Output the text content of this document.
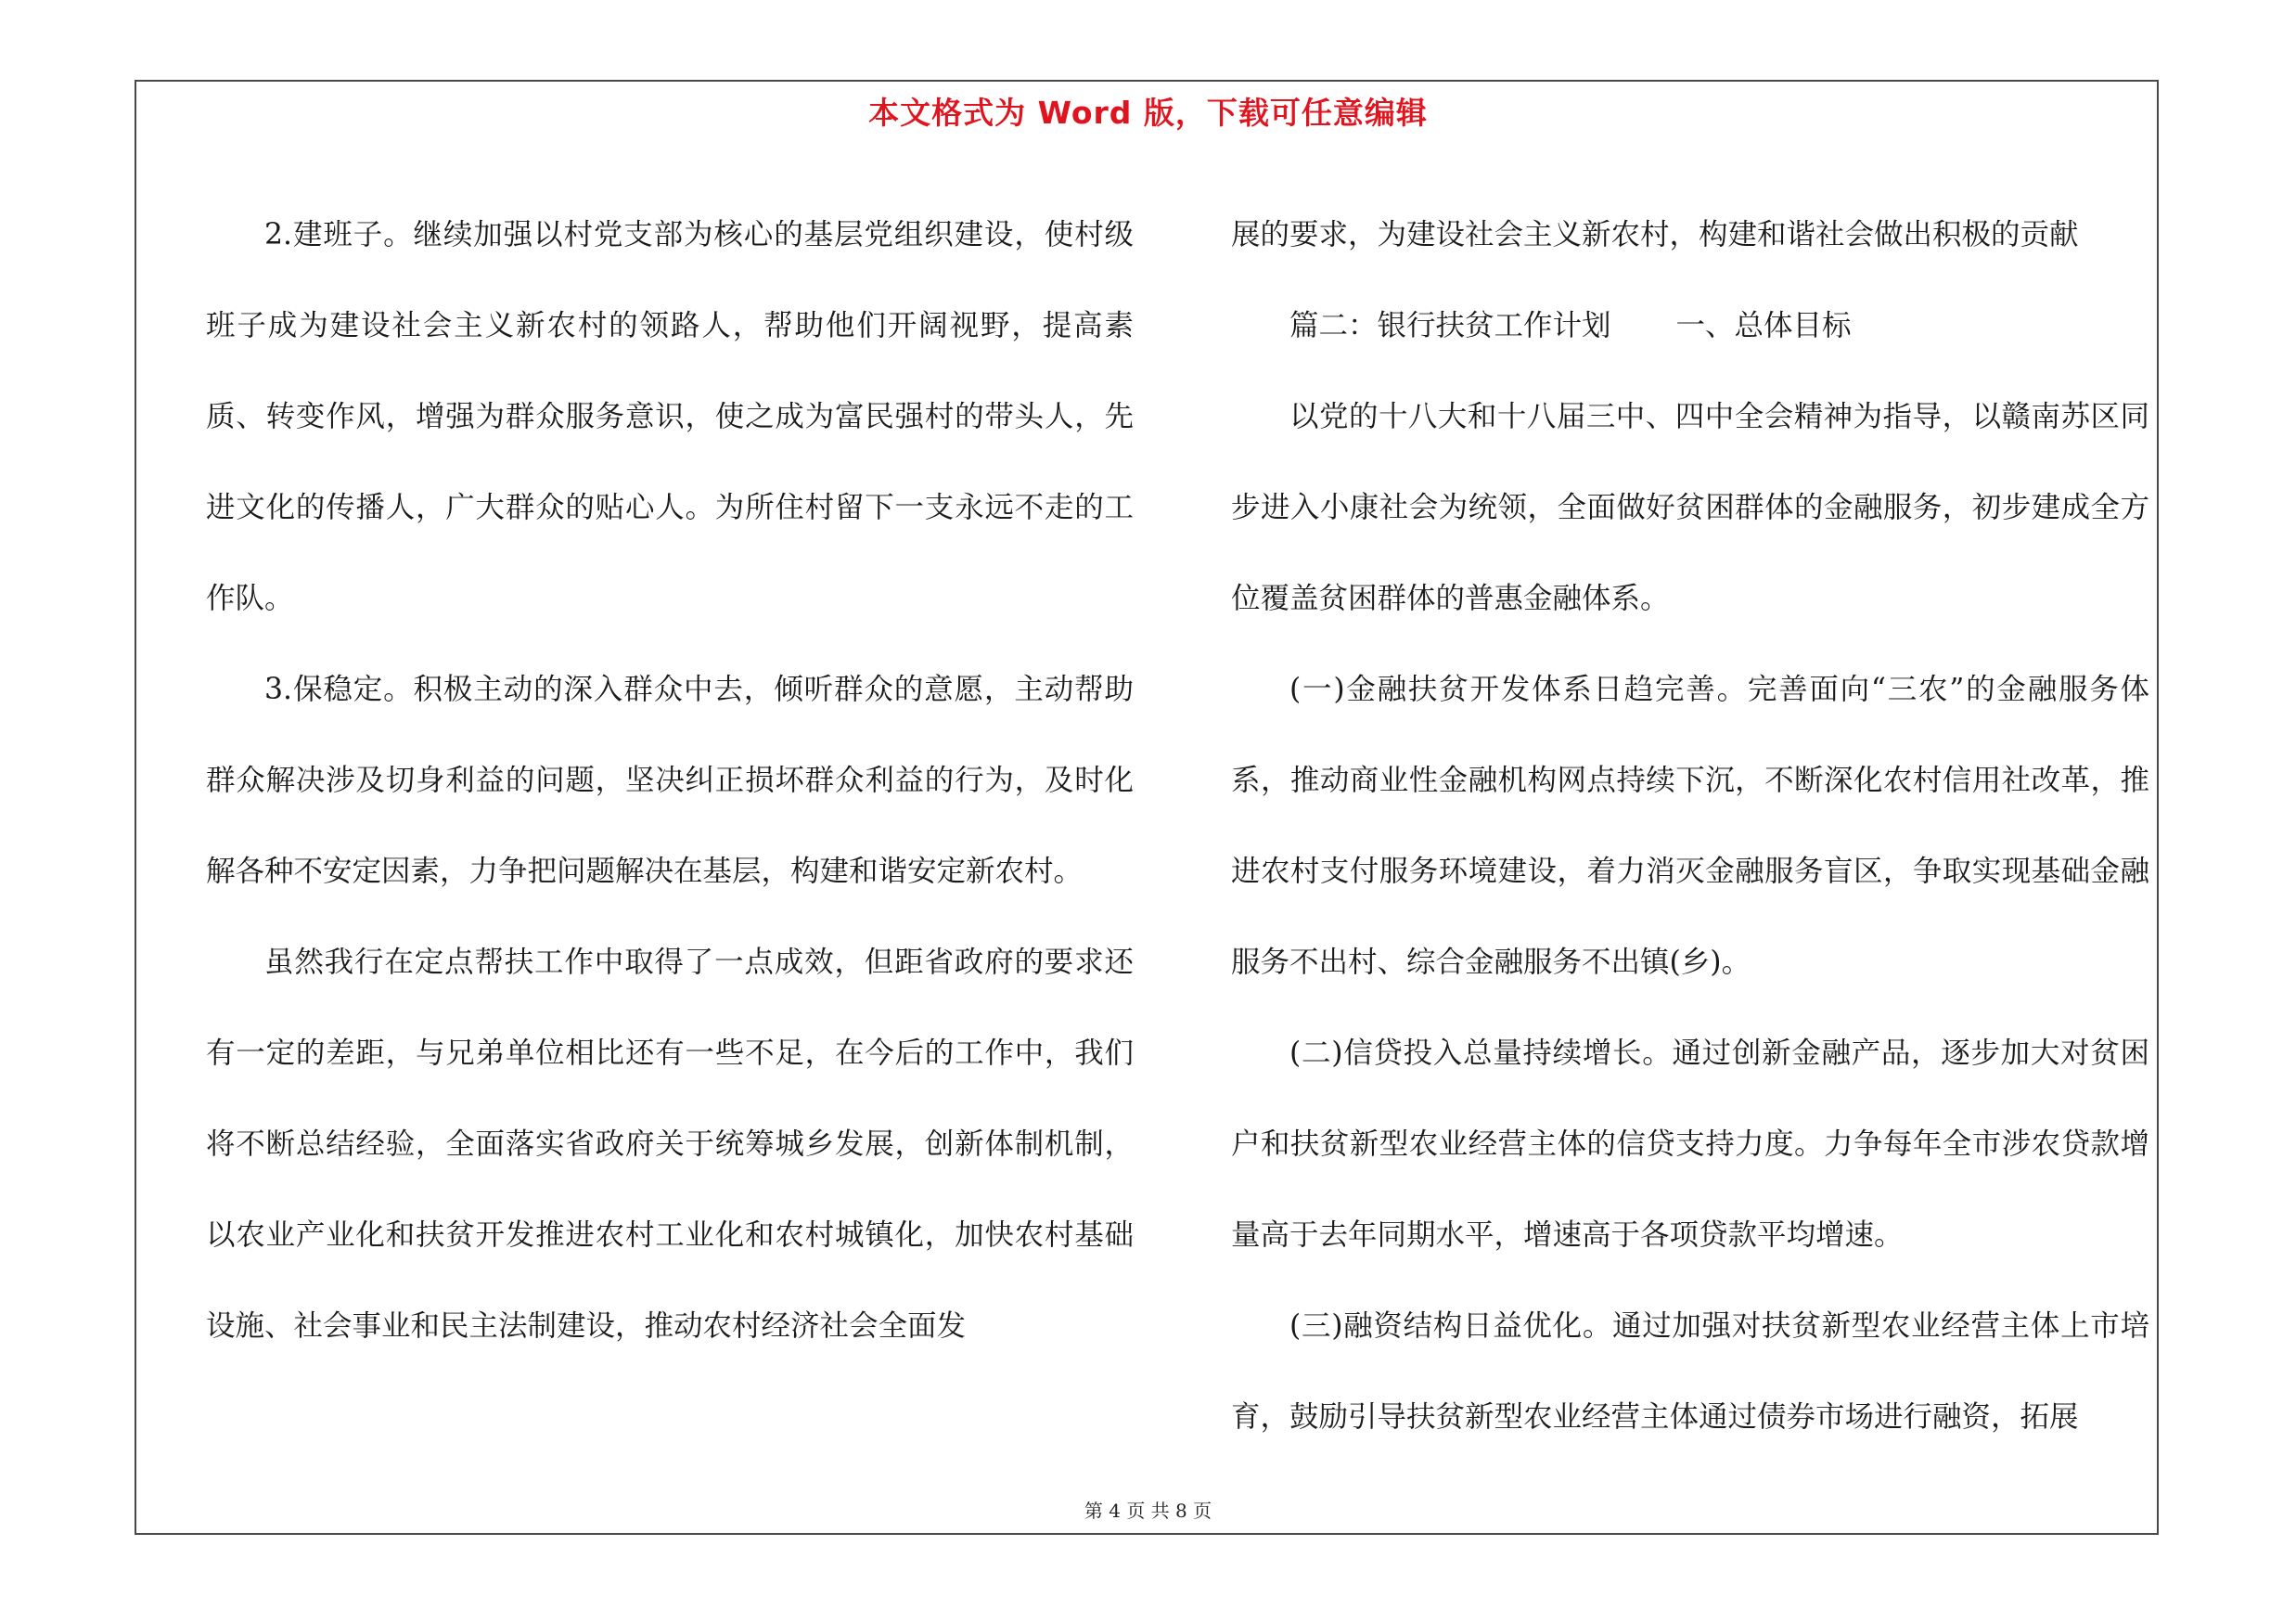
本文格式为 Word 版，下载可任意编辑

2.建班子。继续加强以村党支部为核心的基层党组织建设，使村级班子成为建设社会主义新农村的领路人，帮助他们开阔视野，提高素质、转变作风，增强为群众服务意识，使之成为富民强村的带头人，先进文化的传播人，广大群众的贴心人。为所住村留下一支永远不走的工作队。

3.保稳定。积极主动的深入群众中去，倾听群众的意愿，主动帮助群众解决涉及切身利益的问题，坚决纠正损坏群众利益的行为，及时化解各种不安定因素，力争把问题解决在基层，构建和谐安定新农村。

虽然我行在定点帮扶工作中取得了一点成效，但距省政府的要求还有一定的差距，与兄弟单位相比还有一些不足，在今后的工作中，我们将不断总结经验，全面落实省政府关于统筹城乡发展，创新体制机制，以农业产业化和扶贫开发推进农村工业化和农村城镇化，加快农村基础设施、社会事业和民主法制建设，推动农村经济社会全面发

展的要求，为建设社会主义新农村，构建和谐社会做出积极的贡献

篇二：银行扶贫工作计划 一、总体目标

以党的十八大和十八届三中、四中全会精神为指导，以赣南苏区同步进入小康社会为统领，全面做好贫困群体的金融服务，初步建成全方位覆盖贫困群体的普惠金融体系。

(一)金融扶贫开发体系日趋完善。完善面向“三农”的金融服务体系，推动商业性金融机构网点持续下沉，不断深化农村信用社改革，推进农村支付服务环境建设，着力消灭金融服务盲区，争取实现基础金融服务不出村、综合金融服务不出镇(乡)。

(二)信贷投入总量持续增长。通过创新金融产品，逐步加大对贫困户和扶贫新型农业经营主体的信贷支持力度。力争每年全市涉农贷款增量高于去年同期水平，增速高于各项贷款平均增速。

(三)融资结构日益优化。通过加强对扶贫新型农业经营主体上市培育，鼓励引导扶贫新型农业经营主体通过债券市场进行融资，拓展

第 4 页 共 8 页
